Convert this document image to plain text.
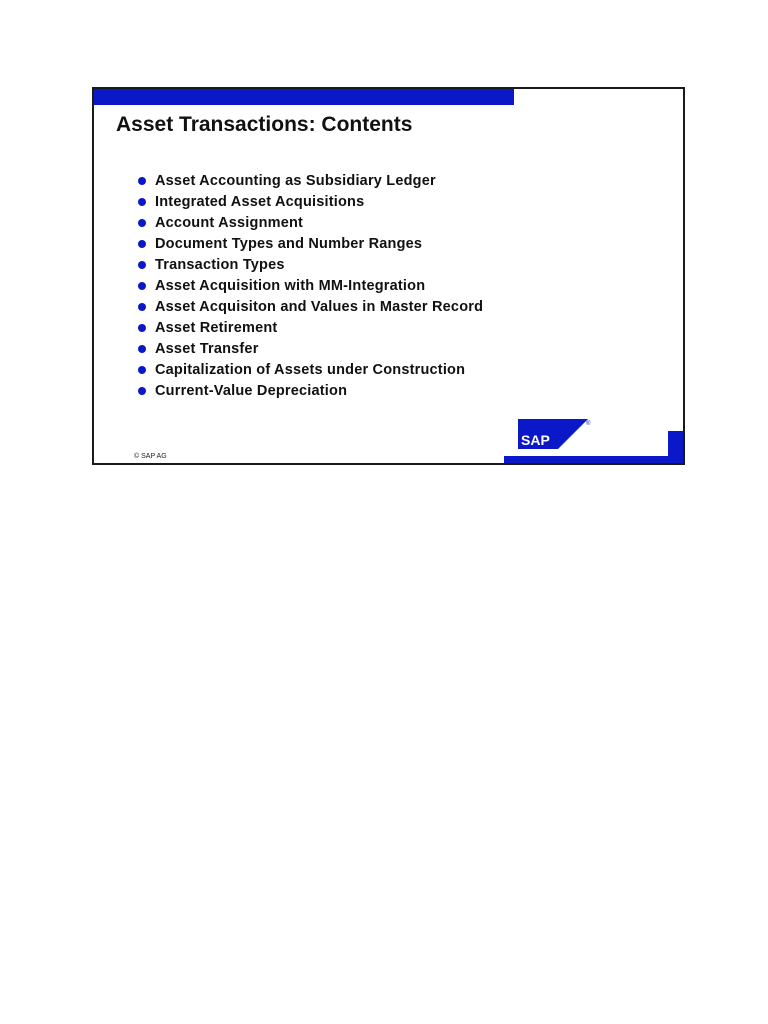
Asset Transactions: Contents
Asset Accounting as Subsidiary Ledger
Integrated Asset Acquisitions
Account Assignment
Document Types and Number Ranges
Transaction Types
Asset Acquisition with MM-Integration
Asset Acquisiton and Values in Master Record
Asset Retirement
Asset Transfer
Capitalization of Assets under Construction
Current-Value Depreciation
SAP
®
© SAP AG
